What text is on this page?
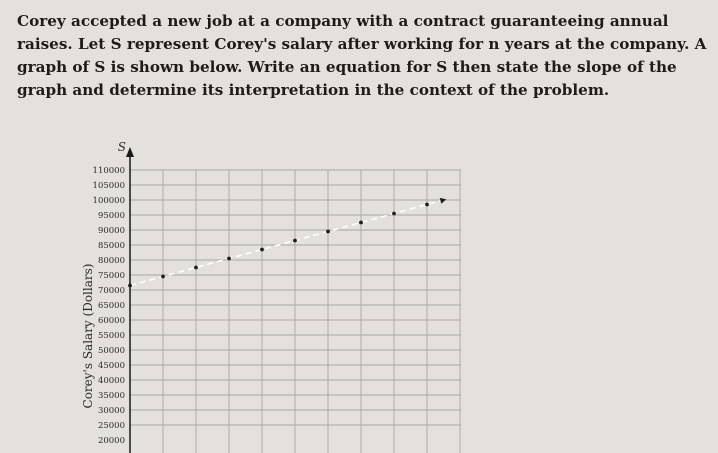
Corey accepted a new job at a company with a contract guaranteeing annual raises. Let S represent Corey's salary after working for n years at the company. A graph of S is shown below. Write an equation for S then state the slope of the graph and determine its interpretation in the context of the problem.

S
20000
25000
30000
35000
40000
45000
50000
55000
60000
65000
70000
75000
80000
85000
90000
95000
100000
105000
110000
Corey's Salary (Dollars)
